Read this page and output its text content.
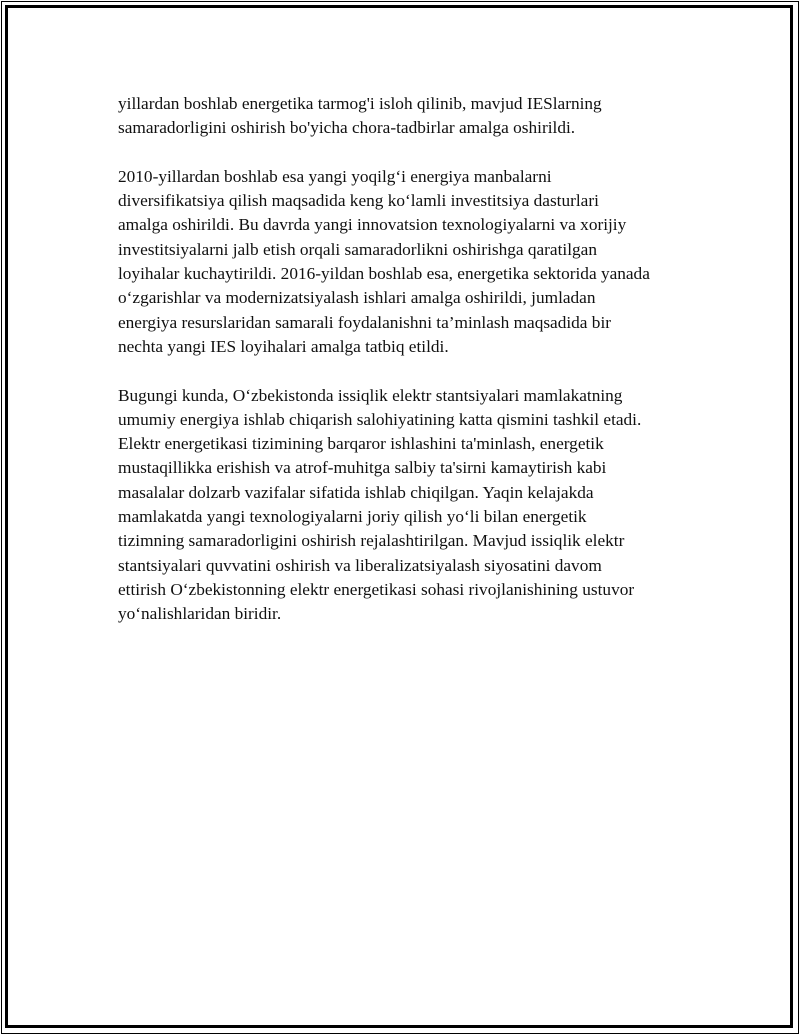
yillardan boshlab energetika tarmog'i isloh qilinib, mavjud IESlarning
samaradorligini oshirish bo'yicha chora-tadbirlar amalga oshirildi.

2010-yillardan boshlab esa yangi yoqilg‘i energiya manbalarni
diversifikatsiya qilish maqsadida keng ko‘lamli investitsiya dasturlari
amalga oshirildi. Bu davrda yangi innovatsion texnologiyalarni va xorijiy
investitsiyalarni jalb etish orqali samaradorlikni oshirishga qaratilgan
loyihalar kuchaytirildi. 2016-yildan boshlab esa, energetika sektorida yanada
o‘zgarishlar va modernizatsiyalash ishlari amalga oshirildi, jumladan
energiya resurslaridan samarali foydalanishni ta’minlash maqsadida bir
nechta yangi IES loyihalari amalga tatbiq etildi.

Bugungi kunda, O‘zbekistonda issiqlik elektr stantsiyalari mamlakatning
umumiy energiya ishlab chiqarish salohiyatining katta qismini tashkil etadi.
Elektr energetikasi tizimining barqaror ishlashini ta'minlash, energetik
mustaqillikka erishish va atrof-muhitga salbiy ta'sirni kamaytirish kabi
masalalar dolzarb vazifalar sifatida ishlab chiqilgan. Yaqin kelajakda
mamlakatda yangi texnologiyalarni joriy qilish yo‘li bilan energetik
tizimning samaradorligini oshirish rejalashtirilgan. Mavjud issiqlik elektr
stantsiyalari quvvatini oshirish va liberalizatsiyalash siyosatini davom
ettirish O‘zbekistonning elektr energetikasi sohasi rivojlanishining ustuvor
yo‘nalishlaridan biridir.
